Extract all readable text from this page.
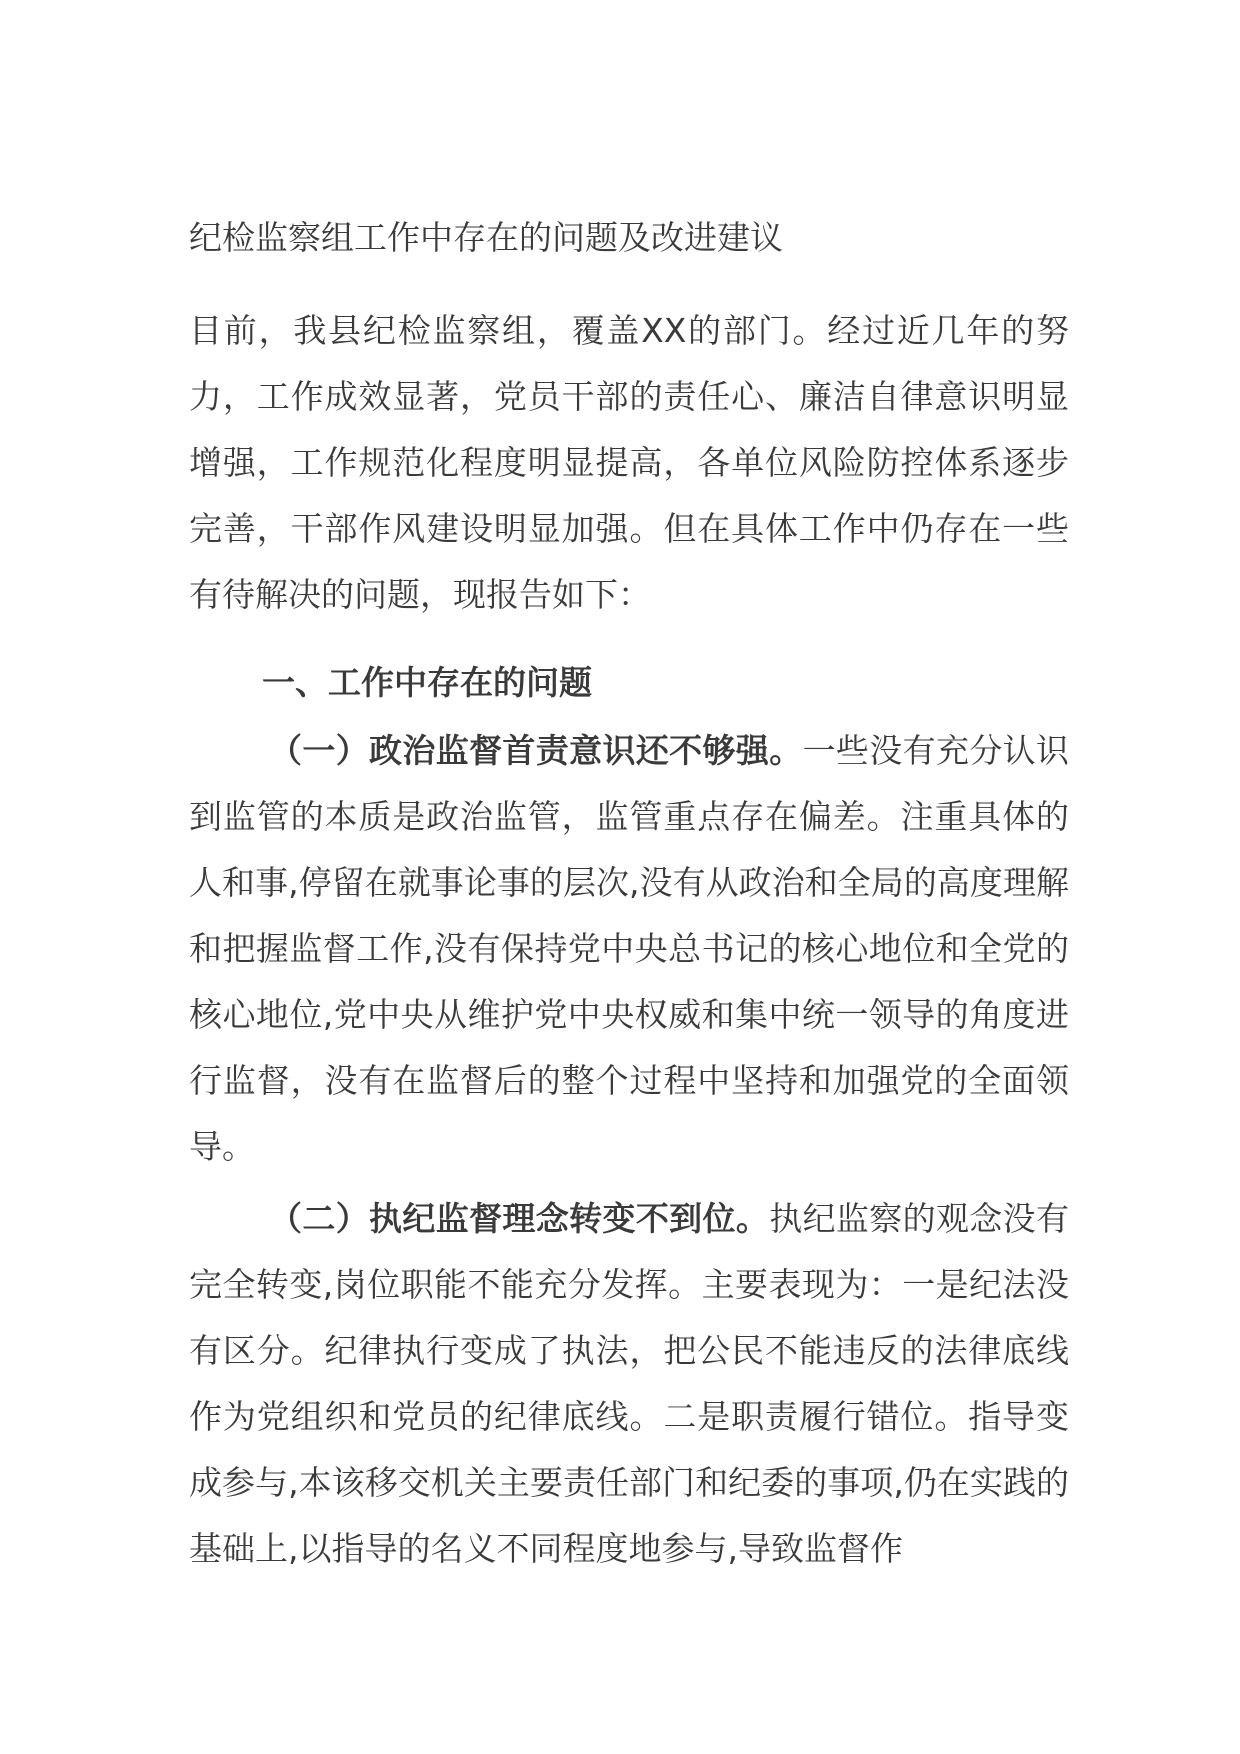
纪检监察组工作中存在的问题及改进建议
目前，我县纪检监察组，覆盖XX的部门。经过近几年的努力，工作成效显著，党员干部的责任心、廉洁自律意识明显增强，工作规范化程度明显提高，各单位风险防控体系逐步完善，干部作风建设明显加强。但在具体工作中仍存在一些有待解决的问题，现报告如下：
一、工作中存在的问题
（一）政治监督首责意识还不够强。一些没有充分认识到监管的本质是政治监管，监管重点存在偏差。注重具体的人和事,停留在就事论事的层次,没有从政治和全局的高度理解和把握监督工作,没有保持党中央总书记的核心地位和全党的核心地位,党中央从维护党中央权威和集中统一领导的角度进行监督，没有在监督后的整个过程中坚持和加强党的全面领导。
（二）执纪监督理念转变不到位。执纪监察的观念没有完全转变,岗位职能不能充分发挥。主要表现为：一是纪法没有区分。纪律执行变成了执法，把公民不能违反的法律底线作为党组织和党员的纪律底线。二是职责履行错位。指导变成参与,本该移交机关主要责任部门和纪委的事项,仍在实践的基础上,以指导的名义不同程度地参与,导致监督作
